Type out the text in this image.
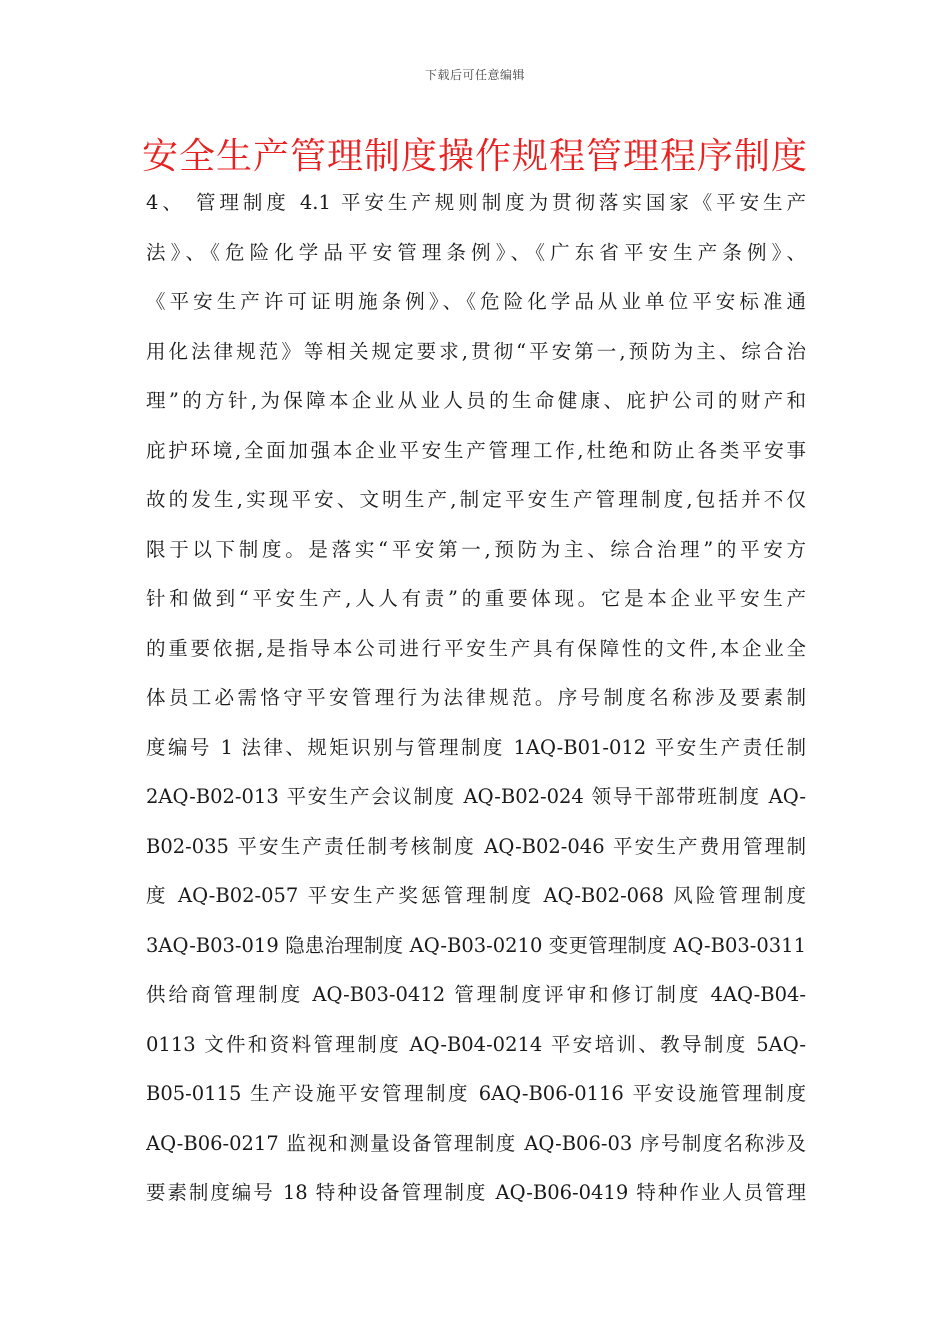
下载后可任意编辑
安全生产管理制度操作规程管理程序制度
4、 管理制度 4.1 平安生产规则制度为贯彻落实国家《平安生产
法》、《危险化学品平安管理条例》、《广东省平安生产条例》、
《平安生产许可证明施条例》、《危险化学品从业单位平安标准通
用化法律规范》等相关规定要求,贯彻“平安第一,预防为主、综合治
理”的方针,为保障本企业从业人员的生命健康、庇护公司的财产和
庇护环境,全面加强本企业平安生产管理工作,杜绝和防止各类平安事
故的发生,实现平安、文明生产,制定平安生产管理制度,包括并不仅
限于以下制度。是落实“平安第一,预防为主、综合治理”的平安方
针和做到“平安生产,人人有责”的重要体现。它是本企业平安生产
的重要依据,是指导本公司进行平安生产具有保障性的文件,本企业全
体员工必需恪守平安管理行为法律规范。序号制度名称涉及要素制
度编号 1 法律、规矩识别与管理制度 1AQ-B01-012 平安生产责任制
2AQ-B02-013 平安生产会议制度 AQ-B02-024 领导干部带班制度 AQ-
B02-035 平安生产责任制考核制度 AQ-B02-046 平安生产费用管理制
度 AQ-B02-057 平安生产奖惩管理制度 AQ-B02-068 风险管理制度
3AQ-B03-019 隐患治理制度 AQ-B03-0210 变更管理制度 AQ-B03-0311
供给商管理制度 AQ-B03-0412 管理制度评审和修订制度 4AQ-B04-
0113 文件和资料管理制度 AQ-B04-0214 平安培训、教导制度 5AQ-
B05-0115 生产设施平安管理制度 6AQ-B06-0116 平安设施管理制度
AQ-B06-0217 监视和测量设备管理制度 AQ-B06-03 序号制度名称涉及
要素制度编号 18 特种设备管理制度 AQ-B06-0419 特种作业人员管理
